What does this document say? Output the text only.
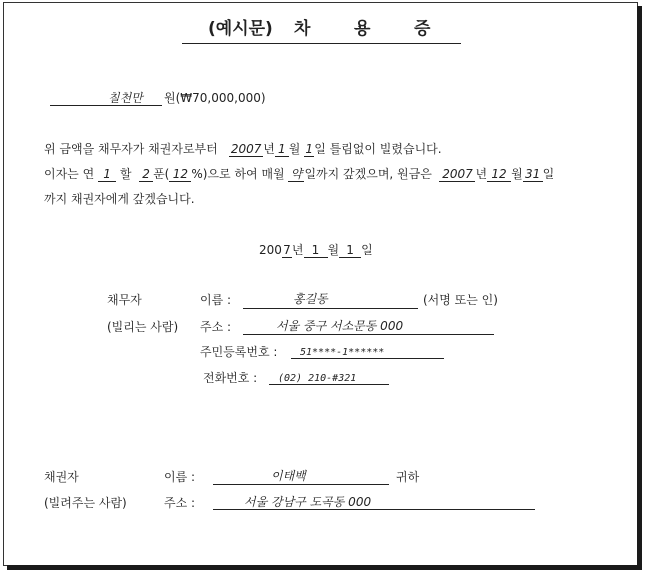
(예시문) 차	용	증
칠천만 원(₩70,000,000)
위 금액을 채무자가 채권자로부터 2007 년 1 월 1일 틀림없이 빌렸습니다.
이자는 연 1 할 2 푼( 12 %)으로 하여 매월 약 일까지 갚겠으며, 원금은 2007 년 12 월 31 일
까지 채권자에게 갚겠습니다.
2007년 1 월 1 일
채무자
(빌리는 사람)
이름 :	홍길동	(서명 또는 인)
주소 :	서울 중구 서소문동 000
주민등록번호 : 51****-1******
전화번호 : (02) 210-#321
채권자
(빌려주는 사람)
이름 :	이태백	귀하
주소 :	서울 강남구 도곡동 000
